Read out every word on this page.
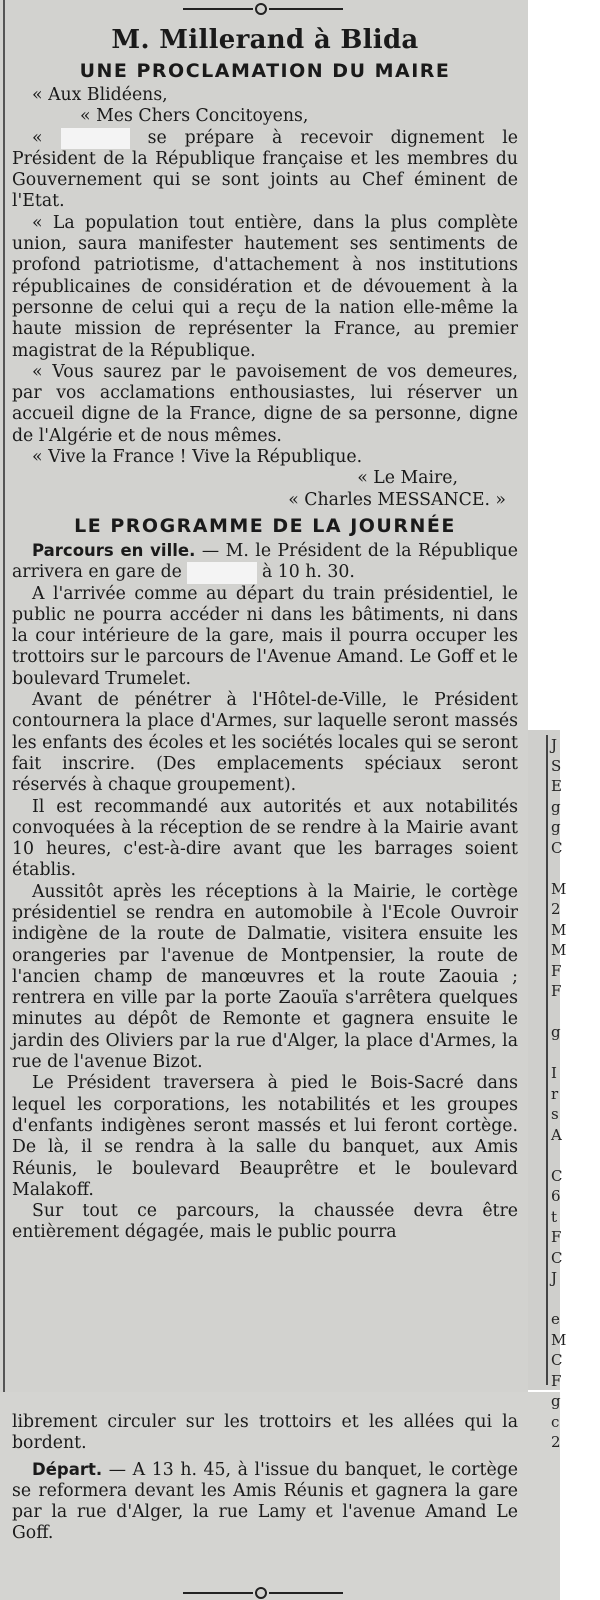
J
S
E
g
g
C
M
2
M
M
F
F
g
I
r
s
A
C
6
t
F
C
J
e
M
C
F
g
c
2
M. Millerand à Blida
UNE PROCLAMATION DU MAIRE

« Aux Blidéens,

« Mes Chers Concitoyens,

« Blida se prépare à recevoir dignement le Président de la République française et les membres du Gouvernement qui se sont joints au Chef éminent de l'Etat.

« La population tout entière, dans la plus complète union, saura manifester hautement ses sentiments de profond patriotisme, d'attachement à nos institutions républicaines de considération et de dévouement à la personne de celui qui a reçu de la nation elle-même la haute mission de représenter la France, au premier magistrat de la République.

« Vous saurez par le pavoisement de vos demeures, par vos acclamations enthousiastes, lui réserver un accueil digne de la France, digne de sa personne, digne de l'Algérie et de nous mêmes.

« Vive la France ! Vive la République.

« Le Maire,

« Charles MESSANCE. »

LE PROGRAMME DE LA JOURNÉE

Parcours en ville. — M. le Président de la République arrivera en gare de Blida à 10 h. 30.

A l'arrivée comme au départ du train présidentiel, le public ne pourra accéder ni dans les bâtiments, ni dans la cour intérieure de la gare, mais il pourra occuper les trottoirs sur le parcours de l'Avenue Amand. Le Goff et le boulevard Trumelet.

Avant de pénétrer à l'Hôtel-de-Ville, le Président contournera la place d'Armes, sur laquelle seront massés les enfants des écoles et les sociétés locales qui se seront fait inscrire. (Des emplacements spéciaux seront réservés à chaque groupement).

Il est recommandé aux autorités et aux notabilités convoquées à la réception de se rendre à la Mairie avant 10 heures, c'est-à-dire avant que les barrages soient établis.

Aussitôt après les réceptions à la Mairie, le cortège présidentiel se rendra en automobile à l'Ecole Ouvroir indigène de la route de Dalmatie, visitera ensuite les orangeries par l'avenue de Montpensier, la route de l'ancien champ de manœuvres et la route Zaouia ; rentrera en ville par la porte Zaouïa s'arrêtera quelques minutes au dépôt de Remonte et gagnera ensuite le jardin des Oliviers par la rue d'Alger, la place d'Armes, la rue de l'avenue Bizot.

Le Président traversera à pied le Bois-Sacré dans lequel les corporations, les notabilités et les groupes d'enfants indigènes seront massés et lui feront cortège. De là, il se rendra à la salle du banquet, aux Amis Réunis, le boulevard Beauprêtre et le boulevard Malakoff.

Sur tout ce parcours, la chaussée devra être entièrement dégagée, mais le public pourra

librement circuler sur les trottoirs et les allées qui la bordent.

Départ. — A 13 h. 45, à l'issue du banquet, le cortège se reformera devant les Amis Réunis et gagnera la gare par la rue d'Alger, la rue Lamy et l'avenue Amand Le Goff.
